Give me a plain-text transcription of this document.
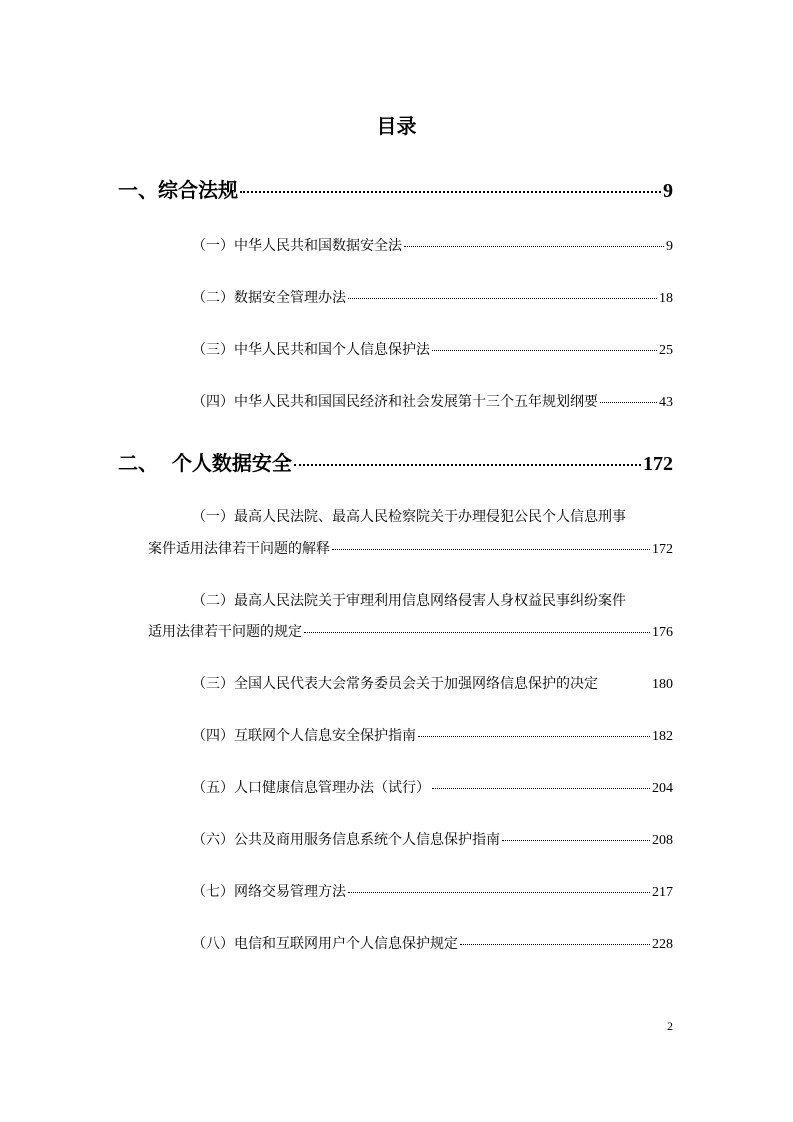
目录
一、综合法规	9
（一）中华人民共和国数据安全法	9
（二）数据安全管理办法	18
（三）中华人民共和国个人信息保护法	25
（四）中华人民共和国国民经济和社会发展第十三个五年规划纲要	43
二、  个人数据安全	172
（一）最高人民法院、最高人民检察院关于办理侵犯公民个人信息刑事
案件适用法律若干问题的解释	172
（二）最高人民法院关于审理利用信息网络侵害人身权益民事纠纷案件
适用法律若干问题的规定	176
（三）全国人民代表大会常务委员会关于加强网络信息保护的决定	180
（四）互联网个人信息安全保护指南	182
（五）人口健康信息管理办法（试行）	204
（六）公共及商用服务信息系统个人信息保护指南	208
（七）网络交易管理方法	217
（八）电信和互联网用户个人信息保护规定	228
2
